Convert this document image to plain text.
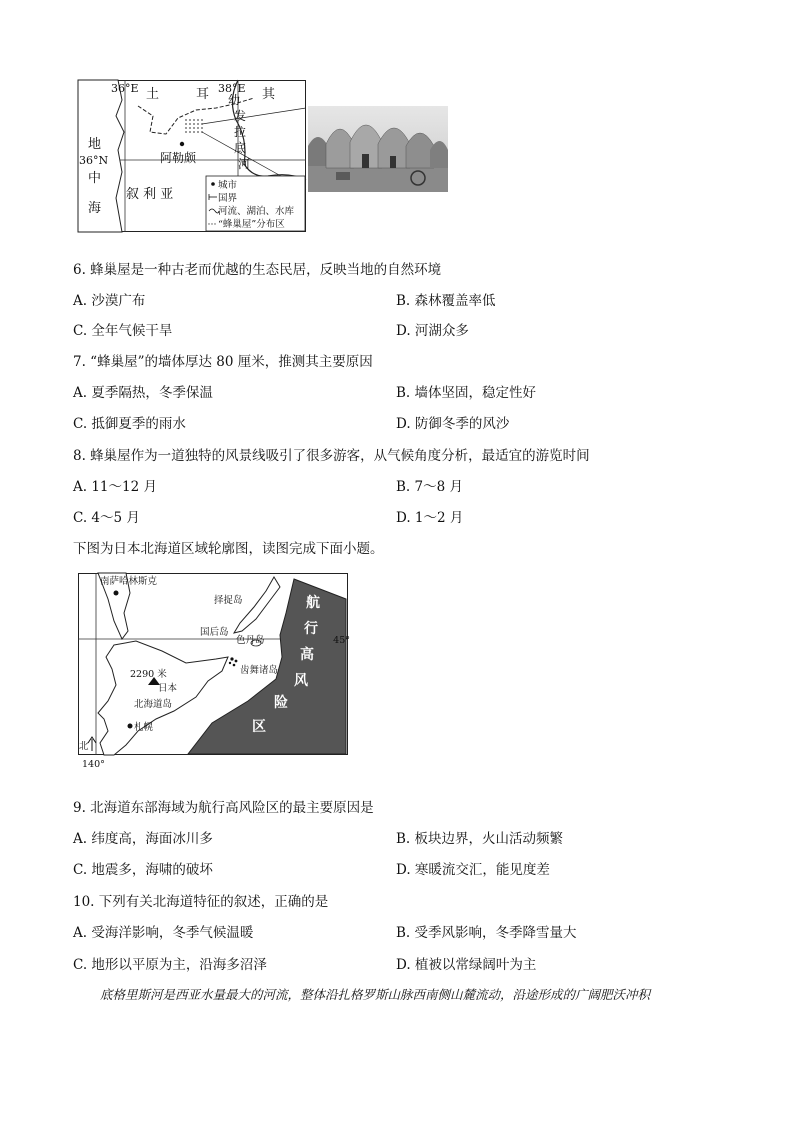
36°E	38°E
36°N
土	耳	其
幼
发
拉
底
河
地
中
海
阿勒颇
叙 利 亚
城市
国界
河流、湖泊、水库
“蜂巢屋”分布区
6. 蜂巢屋是一种古老而优越的生态民居，反映当地的自然环境
A. 沙漠广布	B. 森林覆盖率低
C. 全年气候干旱	D. 河湖众多
7. “蜂巢屋”的墙体厚达 80 厘米，推测其主要原因
A. 夏季隔热，冬季保温	B. 墙体坚固，稳定性好
C. 抵御夏季的雨水	D. 防御冬季的风沙
8. 蜂巢屋作为一道独特的风景线吸引了很多游客，从气候角度分析，最适宜的游览时间
A. 11～12 月	B. 7～8 月
C. 4～5 月	D. 1～2 月
下图为日本北海道区域轮廓图，读图完成下面小题。
南萨哈林斯克
择捉岛
国后岛
色丹岛
齿舞诸岛
2290 米
日本
北海道岛
札幌
北
140°
45°
航
行
高
风
险
区
9. 北海道东部海域为航行高风险区的最主要原因是
A. 纬度高，海面冰川多	B. 板块边界，火山活动频繁
C. 地震多，海啸的破坏	D. 寒暖流交汇，能见度差
10. 下列有关北海道特征的叙述，正确的是
A. 受海洋影响，冬季气候温暖	B. 受季风影响，冬季降雪量大
C. 地形以平原为主，沿海多沼泽	D. 植被以常绿阔叶为主
底格里斯河是西亚水量最大的河流，整体沿扎格罗斯山脉西南侧山麓流动，沿途形成的广阔肥沃冲积
